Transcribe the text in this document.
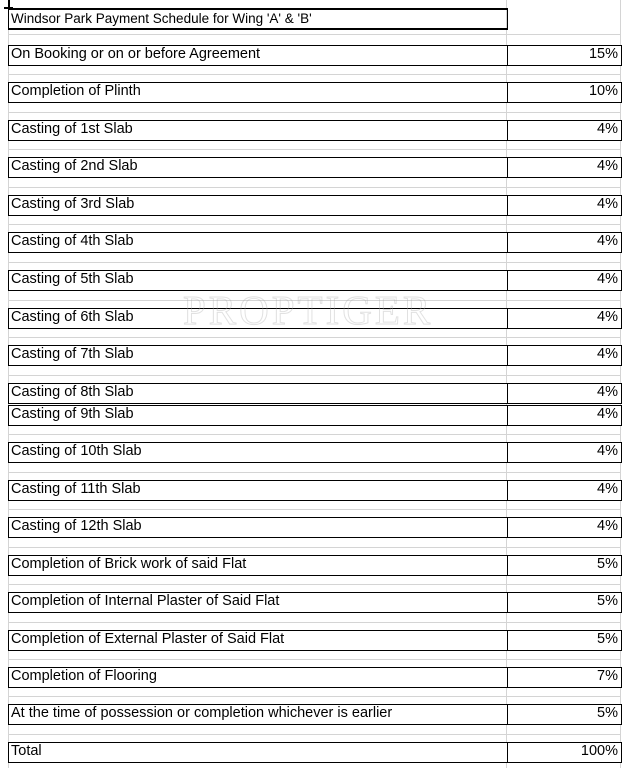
Windsor Park Payment Schedule for Wing 'A' & 'B'
On Booking or on or before Agreement	15%
Completion of Plinth	10%
Casting of 1st Slab	4%
Casting of 2nd Slab	4%
Casting of 3rd Slab	4%
Casting of 4th Slab	4%
Casting of 5th Slab	4%
Casting of 6th Slab	4%
Casting of 7th Slab	4%
Casting of 8th Slab	4%
Casting of 9th Slab	4%
Casting of 10th Slab	4%
Casting of 11th Slab	4%
Casting of 12th Slab	4%
Completion of Brick work of said Flat	5%
Completion of Internal Plaster of Said Flat	5%
Completion of External Plaster of Said Flat	5%
Completion of Flooring	7%
At the time of possession or completion whichever is earlier	5%
Total	100%
PROPTIGER
